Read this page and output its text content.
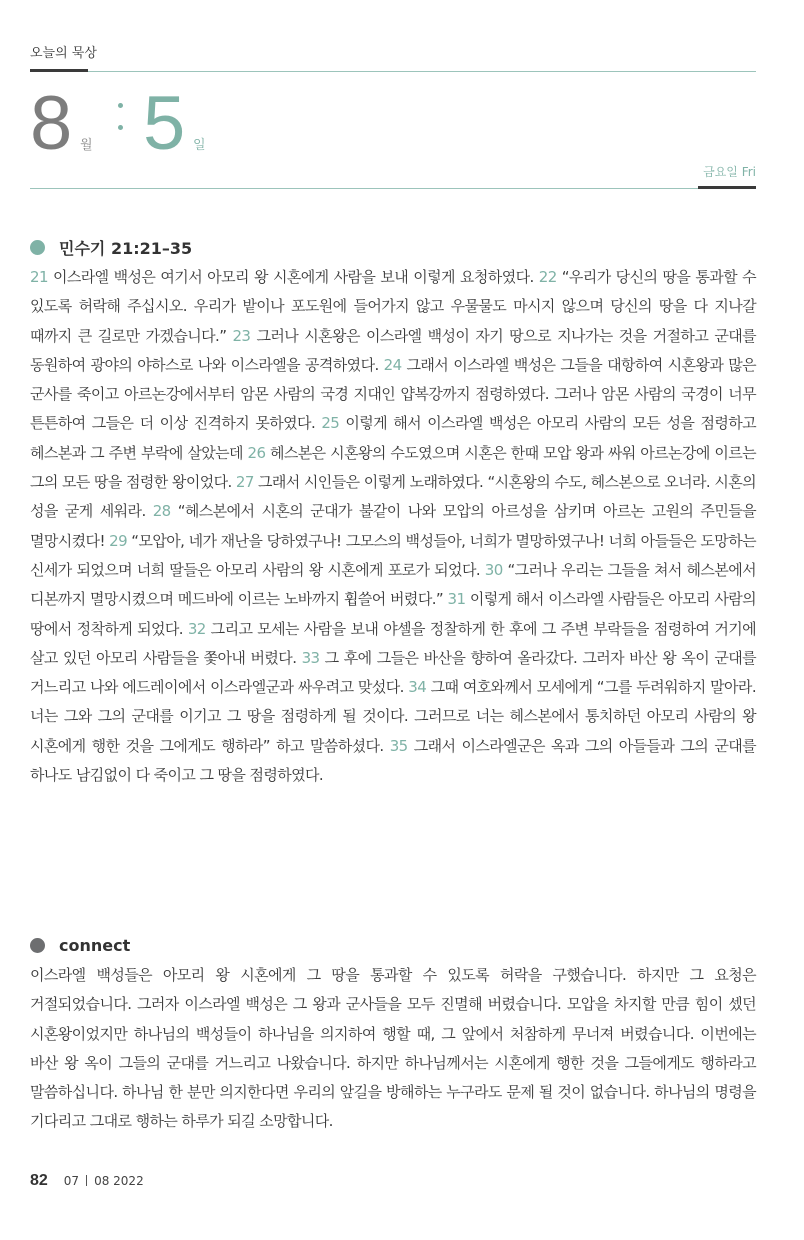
오늘의 묵상
8 월 5 일
금요일 Fri
민수기 21:21–35
21 이스라엘 백성은 여기서 아모리 왕 시혼에게 사람을 보내 이렇게 요청하였다. 22 “우리가 당신의 땅을 통과할 수 있도록 허락해 주십시오. 우리가 밭이나 포도원에 들어가지 않고 우물물도 마시지 않으며 당신의 땅을 다 지나갈 때까지 큰 길로만 가겠습니다.” 23 그러나 시혼왕은 이스라엘 백성이 자기 땅으로 지나가는 것을 거절하고 군대를 동원하여 광야의 야하스로 나와 이스라엘을 공격하였다. 24 그래서 이스라엘 백성은 그들을 대항하여 시혼왕과 많은 군사를 죽이고 아르논강에서부터 암몬 사람의 국경 지대인 얍복강까지 점령하였다. 그러나 암몬 사람의 국경이 너무 튼튼하여 그들은 더 이상 진격하지 못하였다. 25 이렇게 해서 이스라엘 백성은 아모리 사람의 모든 성을 점령하고 헤스본과 그 주변 부락에 살았는데 26 헤스본은 시혼왕의 수도였으며 시혼은 한때 모압 왕과 싸워 아르논강에 이르는 그의 모든 땅을 점령한 왕이었다. 27 그래서 시인들은 이렇게 노래하였다. “시혼왕의 수도, 헤스본으로 오너라. 시혼의 성을 굳게 세워라. 28 “헤스본에서 시혼의 군대가 불같이 나와 모압의 아르성을 삼키며 아르논 고원의 주민들을 멸망시켰다! 29 “모압아, 네가 재난을 당하였구나! 그모스의 백성들아, 너희가 멸망하였구나! 너희 아들들은 도망하는 신세가 되었으며 너희 딸들은 아모리 사람의 왕 시혼에게 포로가 되었다. 30 “그러나 우리는 그들을 쳐서 헤스본에서 디본까지 멸망시켰으며 메드바에 이르는 노바까지 휩쓸어 버렸다.” 31 이렇게 해서 이스라엘 사람들은 아모리 사람의 땅에서 정착하게 되었다. 32 그리고 모세는 사람을 보내 야셀을 정찰하게 한 후에 그 주변 부락들을 점령하여 거기에 살고 있던 아모리 사람들을 쫓아내 버렸다. 33 그 후에 그들은 바산을 향하여 올라갔다. 그러자 바산 왕 옥이 군대를 거느리고 나와 에드레이에서 이스라엘군과 싸우려고 맞섰다. 34 그때 여호와께서 모세에게 “그를 두려워하지 말아라. 너는 그와 그의 군대를 이기고 그 땅을 점령하게 될 것이다. 그러므로 너는 헤스본에서 통치하던 아모리 사람의 왕 시혼에게 행한 것을 그에게도 행하라” 하고 말씀하셨다. 35 그래서 이스라엘군은 옥과 그의 아들들과 그의 군대를 하나도 남김없이 다 죽이고 그 땅을 점령하였다.
connect
이스라엘 백성들은 아모리 왕 시혼에게 그 땅을 통과할 수 있도록 허락을 구했습니다. 하지만 그 요청은 거절되었습니다. 그러자 이스라엘 백성은 그 왕과 군사들을 모두 진멸해 버렸습니다. 모압을 차지할 만큼 힘이 셌던 시혼왕이었지만 하나님의 백성들이 하나님을 의지하여 행할 때, 그 앞에서 처참하게 무너져 버렸습니다. 이번에는 바산 왕 옥이 그들의 군대를 거느리고 나왔습니다. 하지만 하나님께서는 시혼에게 행한 것을 그들에게도 행하라고 말씀하십니다. 하나님 한 분만 의지한다면 우리의 앞길을 방해하는 누구라도 문제 될 것이 없습니다. 하나님의 명령을 기다리고 그대로 행하는 하루가 되길 소망합니다.
82 07 08 2022
